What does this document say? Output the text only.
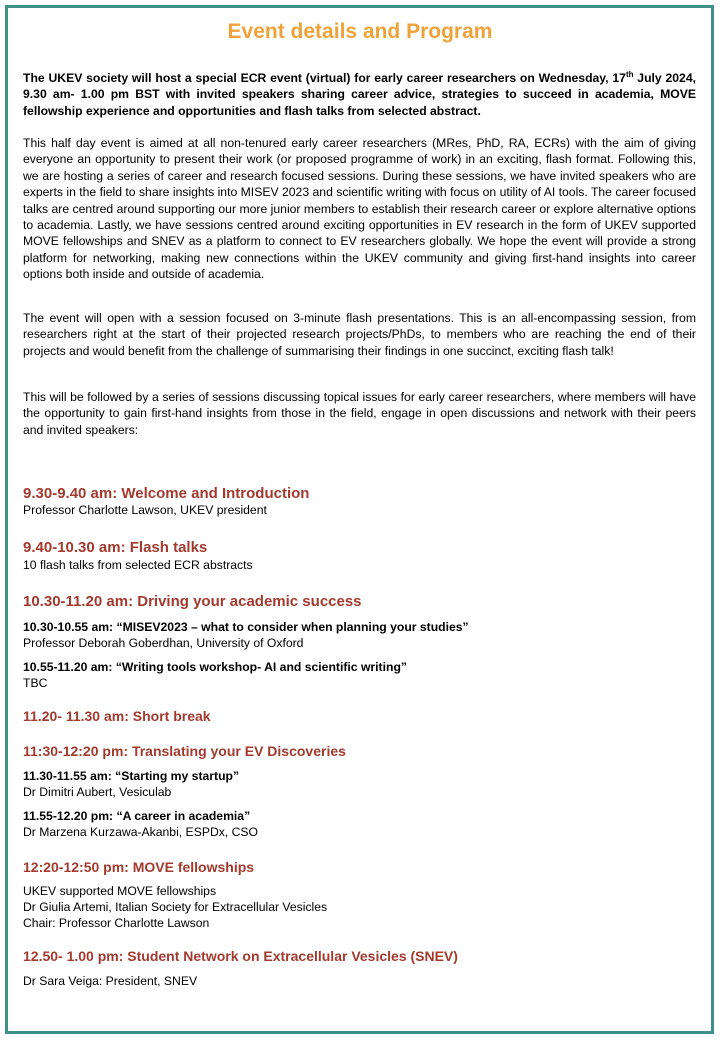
Event details and Program
The UKEV society will host a special ECR event (virtual) for early career researchers on Wednesday, 17th July 2024, 9.30 am- 1.00 pm BST with invited speakers sharing career advice, strategies to succeed in academia, MOVE fellowship experience and opportunities and flash talks from selected abstract.
This half day event is aimed at all non-tenured early career researchers (MRes, PhD, RA, ECRs) with the aim of giving everyone an opportunity to present their work (or proposed programme of work) in an exciting, flash format. Following this, we are hosting a series of career and research focused sessions. During these sessions, we have invited speakers who are experts in the field to share insights into MISEV 2023 and scientific writing with focus on utility of AI tools. The career focused talks are centred around supporting our more junior members to establish their research career or explore alternative options to academia. Lastly, we have sessions centred around exciting opportunities in EV research in the form of UKEV supported MOVE fellowships and SNEV as a platform to connect to EV researchers globally. We hope the event will provide a strong platform for networking, making new connections within the UKEV community and giving first-hand insights into career options both inside and outside of academia.
The event will open with a session focused on 3-minute flash presentations. This is an all-encompassing session, from researchers right at the start of their projected research projects/PhDs, to members who are reaching the end of their projects and would benefit from the challenge of summarising their findings in one succinct, exciting flash talk!
This will be followed by a series of sessions discussing topical issues for early career researchers, where members will have the opportunity to gain first-hand insights from those in the field, engage in open discussions and network with their peers and invited speakers:
9.30-9.40 am: Welcome and Introduction
Professor Charlotte Lawson, UKEV president
9.40-10.30 am: Flash talks
10 flash talks from selected ECR abstracts
10.30-11.20 am: Driving your academic success
10.30-10.55 am: “MISEV2023 – what to consider when planning your studies”
Professor Deborah Goberdhan, University of Oxford
10.55-11.20 am: “Writing tools workshop- AI and scientific writing”
TBC
11.20- 11.30 am: Short break
11:30-12:20 pm: Translating your EV Discoveries
11.30-11.55 am: “Starting my startup”
Dr Dimitri Aubert, Vesiculab
11.55-12.20 pm: “A career in academia”
Dr Marzena Kurzawa-Akanbi, ESPDx, CSO
12:20-12:50 pm: MOVE fellowships
UKEV supported MOVE fellowships
Dr Giulia Artemi, Italian Society for Extracellular Vesicles
Chair: Professor Charlotte Lawson
12.50- 1.00 pm: Student Network on Extracellular Vesicles (SNEV)
Dr Sara Veiga: President, SNEV
